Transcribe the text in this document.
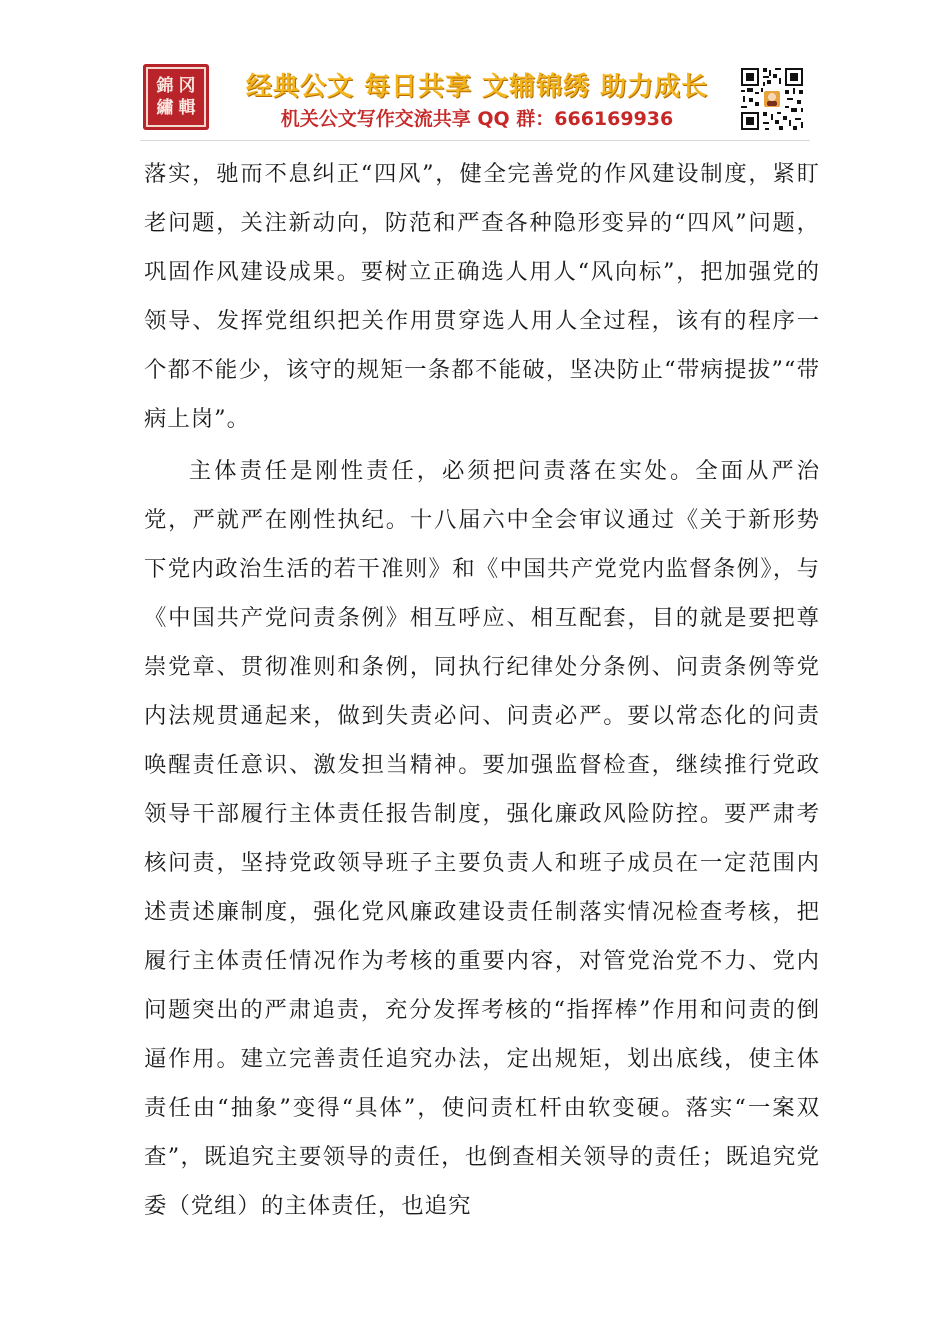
錦 冈
繡 輯
经典公文 每日共享 文辅锦绣 助力成长
机关公文写作交流共享 QQ 群：666169936

落实，驰而不息纠正“四风”，健全完善党的作风建设制度，紧盯老问题，关注新动向，防范和严查各种隐形变异的“四风”问题，巩固作风建设成果。要树立正确选人用人“风向标”，把加强党的领导、发挥党组织把关作用贯穿选人用人全过程，该有的程序一个都不能少，该守的规矩一条都不能破，坚决防止“带病提拔”“带病上岗”。

主体责任是刚性责任，必须把问责落在实处。全面从严治党，严就严在刚性执纪。十八届六中全会审议通过《关于新形势下党内政治生活的若干准则》和《中国共产党党内监督条例》，与《中国共产党问责条例》相互呼应、相互配套，目的就是要把尊崇党章、贯彻准则和条例，同执行纪律处分条例、问责条例等党内法规贯通起来，做到失责必问、问责必严。要以常态化的问责唤醒责任意识、激发担当精神。要加强监督检查，继续推行党政领导干部履行主体责任报告制度，强化廉政风险防控。要严肃考核问责，坚持党政领导班子主要负责人和班子成员在一定范围内述责述廉制度，强化党风廉政建设责任制落实情况检查考核，把履行主体责任情况作为考核的重要内容，对管党治党不力、党内问题突出的严肃追责，充分发挥考核的“指挥棒”作用和问责的倒逼作用。建立完善责任追究办法，定出规矩，划出底线，使主体责任由“抽象”变得“具体”，使问责杠杆由软变硬。落实“一案双查”，既追究主要领导的责任，也倒查相关领导的责任；既追究党委（党组）的主体责任，也追究
